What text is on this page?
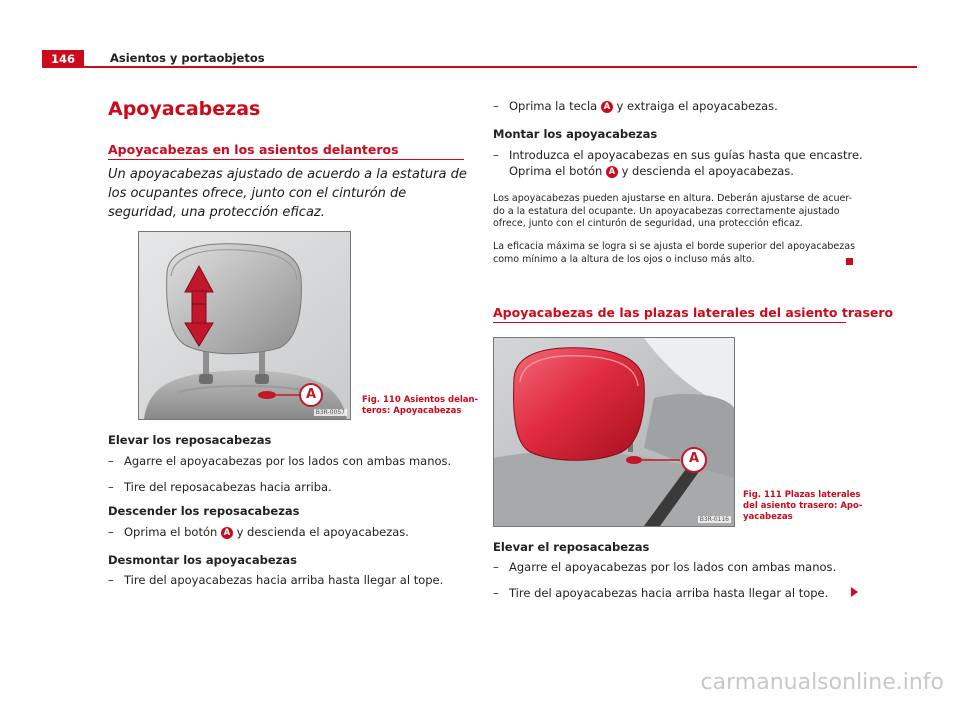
146	Asientos y portaobjetos
Apoyacabezas
Apoyacabezas en los asientos delanteros
Un apoyacabezas ajustado de acuerdo a la estatura de los ocupantes ofrece, junto con el cinturón de seguridad, una protección eficaz.
A
B3R-0057
Fig. 110 Asientos delan-
teros: Apoyacabezas
Elevar los reposacabezas
– Agarre el apoyacabezas por los lados con ambas manos.
– Tire del reposacabezas hacia arriba.
Descender los reposacabezas
– Oprima el botón A y descienda el apoyacabezas.
Desmontar los apoyacabezas
– Tire del apoyacabezas hacia arriba hasta llegar al tope.
– Oprima la tecla A y extraiga el apoyacabezas.
Montar los apoyacabezas
– Introduzca el apoyacabezas en sus guías hasta que encastre.
Oprima el botón A y descienda el apoyacabezas.
Los apoyacabezas pueden ajustarse en altura. Deberán ajustarse de acuer-
do a la estatura del ocupante. Un apoyacabezas correctamente ajustado
ofrece, junto con el cinturón de seguridad, una protección eficaz.
La eficacia máxima se logra si se ajusta el borde superior del apoyacabezas
como mínimo a la altura de los ojos o incluso más alto.
Apoyacabezas de las plazas laterales del asiento trasero
A
B3R-0116
Fig. 111 Plazas laterales
del asiento trasero: Apo-
yacabezas
Elevar el reposacabezas
– Agarre el apoyacabezas por los lados con ambas manos.
– Tire del apoyacabezas hacia arriba hasta llegar al tope.
carmanualsonline.info
